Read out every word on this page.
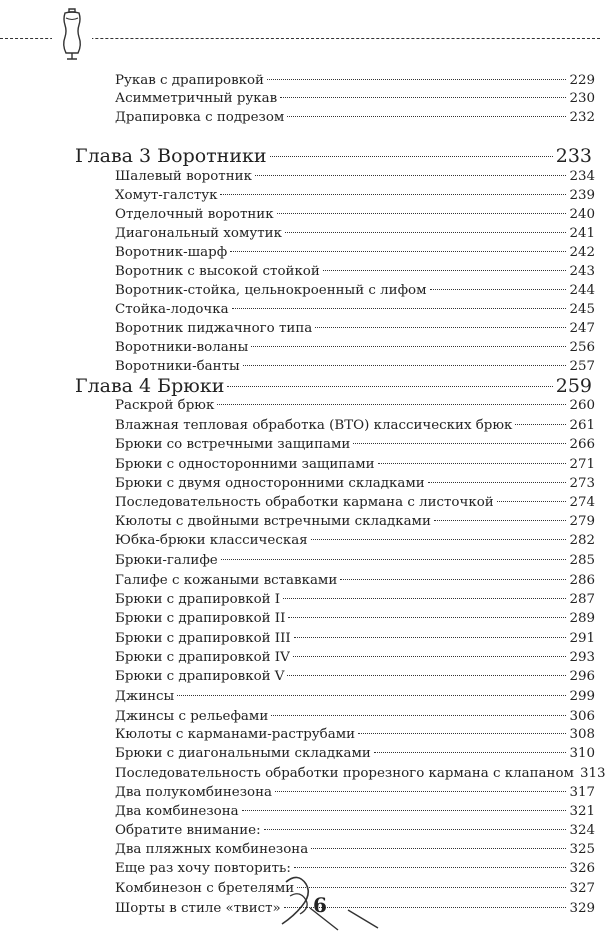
Рукав с драпировкой	229
Асимметричный рукав	230
Драпировка с подрезом	232
Глава 3 Воротники	233
Шалевый воротник	234
Хомут-галстук	239
Отделочный воротник	240
Диагональный хомутик	241
Воротник-шарф	242
Воротник с высокой стойкой	243
Воротник-стойка, цельнокроенный с лифом	244
Стойка-лодочка	245
Воротник пиджачного типа	247
Воротники-воланы	256
Воротники-банты	257
Глава 4 Брюки	259
Раскрой брюк	260
Влажная тепловая обработка (ВТО) классических брюк	261
Брюки со встречными защипами	266
Брюки с односторонними защипами	271
Брюки с двумя односторонними складками	273
Последовательность обработки кармана с листочкой	274
Кюлоты с двойными встречными складками	279
Юбка-брюки классическая	282
Брюки-галифе	285
Галифе с кожаными вставками	286
Брюки с драпировкой I	287
Брюки с драпировкой II	289
Брюки с драпировкой III	291
Брюки с драпировкой IV	293
Брюки с драпировкой V	296
Джинсы	299
Джинсы с рельефами	306
Кюлоты с карманами-раструбами	308
Брюки с диагональными складками	310
Последовательность обработки прорезного кармана с клапаном 313
Два полукомбинезона	317
Два комбинезона	321
Обратите внимание:	324
Два пляжных комбинезона	325
Еще раз хочу повторить:	326
Комбинезон с бретелями	327
Шорты в стиле «твист»	329
6
